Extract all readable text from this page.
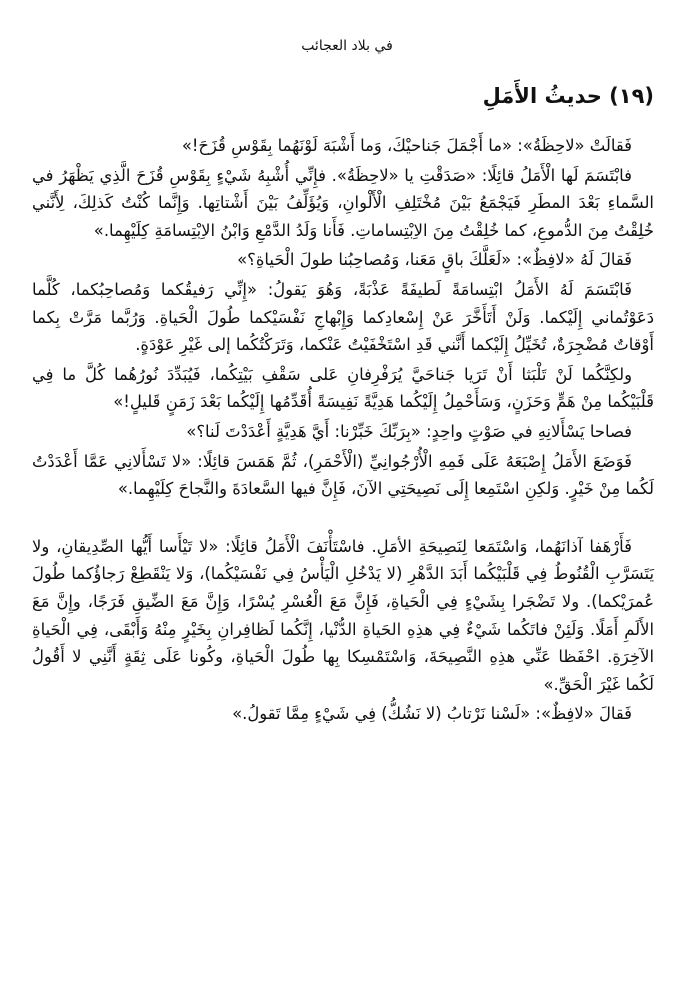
في بلاد العجائب
(١٩) حديثُ الأَمَلِ

فَقالَتْ «لاحِظَةُ»: «ما أَجْمَلَ جَناحيْكَ، وَما أَشْبَهَ لَوْنَهُما بِقَوْسِ قُزَحَ!»

فابْتَسَمَ لَها الْأَمَلُ قائِلًا: «صَدَقْتِ يا «لاحِظَةُ». فإِنِّي أُشْبِهُ شَيْءٍ بِقَوْسِ قُزَحَ الَّذِي يَظْهَرُ في السَّماءِ بَعْدَ المطَرِ فَيَجْمَعُ بَيْنَ مُخْتَلِفِ الْأَلْوانِ، وَيُؤَلِّفُ بَيْنَ أَشْتاتِها. وَإِنَّما كُنْتُ كَذلِكَ، لِأَنَّني خُلِقْتُ مِنَ الدُّموعِ، كما خُلِقْتُ مِنَ الاِبْتِساماتِ. فَأَنا وَلَدُ الدَّمْعِ وَابْنُ الاِبْتِسامَةِ كِلَيْهِما.»

فَقالَ لَهُ «لافِظٌ»: «لَعَلَّكَ باقٍ مَعَنا، وَمُصاحِبُنا طولَ الْحَياةِ؟»

فَابْتَسَمَ لَهُ الأَمَلُ ابْتِسامَةً لَطيفَةً عَذْبَةً، وَهُوَ يَقولُ: «إِنِّي رَفيقُكما وَمُصاحِبُكما، كُلَّما دَعَوْتُماني إِلَيْكما. وَلَنْ أَتَأَخَّرَ عَنْ إِسْعادِكما وَإِبْهاجِ نَفْسَيْكما طُولَ الْحَياةِ. وَرُبَّما مَرَّتْ بِكما أَوْقاتٌ مُضْجِرَةٌ، تُخَيِّلُ إِلَيْكما أَنَّني قَدِ اسْتَخْفَيْتُ عَنْكما، وَتَرَكْتُكُما إلى غَيْرِ عَوْدَةٍ.

ولكِنَّكُما لَنْ تَلْبَثا أَنْ تَرَيا جَناحَيَّ يُرَفْرِفانِ عَلى سَقْفِ بَيْتِكُما، فَيُبَدِّدَ نُورُهُما كُلَّ ما فِي قَلْبَيْكُما مِنْ هَمٍّ وَحَزَنٍ، وَسَأَحْمِلُ إِلَيْكُما هَدِيَّةً نَفِيسَةً أُقَدِّمُها إِلَيْكُما بَعْدَ زَمَنٍ قَليلٍ!»

فصاحا يَسْأَلانِهِ في صَوْتٍ واحِدٍ: «بِرَبِّكَ خَبِّرْنا: أَيَّ هَدِيَّةٍ أَعْدَدْتَ لَنا؟»

فَوَضَعَ الأَمَلُ إِصْبَعَهُ عَلَى فَمِهِ الْأُرْجُوانِيِّ (الْأَحْمَرِ)، ثُمَّ هَمَسَ قائِلًا: «لا تَسْأَلانِي عَمَّا أَعْدَدْتُ لَكُما مِنْ خَيْرٍ. وَلكِنِ اسْتَمِعا إِلَى نَصِيحَتِي الآنَ، فَإِنَّ فيها السَّعادَةَ والنَّجاحَ كِلَيْهِما.»

فَأَرْهَفا آذانَهُما، وَاسْتَمَعا لِنَصِيحَةِ الأمَلِ. فاسْتَأْنَفَ الْأَمَلُ قائِلًا: «لا تَيْأَسا أَيُّها الصِّدِيقانِ، ولا يَتَسَرَّبِ الْقُنُوطُ فِي قَلْبَيْكُما أَبَدَ الدَّهْرِ (لا يَدْخُلِ الْيَأْسُ فِي نَفْسَيْكُما)، وَلا يَنْقَطِعْ رَجاؤُكما طُولَ عُمرَيْكما). ولا تَضْجَرا بِشَيْءٍ فِي الْحَياةِ، فَإِنَّ مَعَ الْعُسْرِ يُسْرًا، وَإِنَّ مَعَ الضِّيقِ فَرَجًا، وإِنَّ مَعَ الأَلَمِ أَمَلًا. وَلَئِنْ فاتَكُما شَيْءٌ فِي هذِهِ الحَياةِ الدُّنْيا، إِنَّكُما لَظافِرانِ بِخَيْرٍ مِنْهُ وَأَبْقَى، فِي الْحَياةِ الآخِرَةِ. احْفَظا عَنِّي هذِهِ النَّصِيحَةَ، وَاسْتَمْسِكا بِها طُولَ الْحَياةِ، وكُونا عَلَى ثِقَةٍ أَنَّنِي لا أَقُولُ لَكُما غَيْرَ الْحَقِّ.»

فَقالَ «لافِظٌ»: «لَسْنا نَرْتابُ (لا نَشُكُّ) فِي شَيْءٍ مِمَّا تَقولُ.»
